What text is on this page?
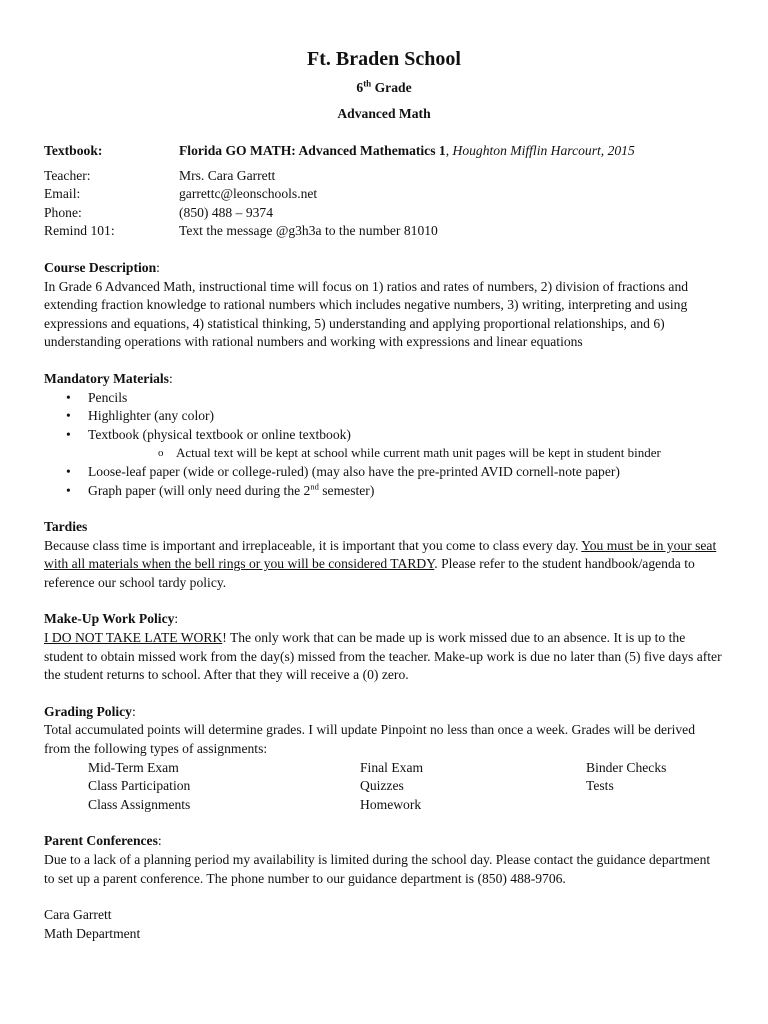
Ft. Braden School
6th Grade
Advanced Math
Textbook:	Florida GO MATH: Advanced Mathematics 1, Houghton Mifflin Harcourt, 2015
Teacher:	Mrs. Cara Garrett
Email:	garrettc@leonschools.net
Phone:	(850) 488 – 9374
Remind 101:	Text the message @g3h3a to the number 81010
Course Description:

In Grade 6 Advanced Math, instructional time will focus on 1) ratios and rates of numbers, 2) division of fractions and extending fraction knowledge to rational numbers which includes negative numbers, 3) writing, interpreting and using expressions and equations, 4) statistical thinking, 5) understanding and applying proportional relationships, and 6) understanding operations with rational numbers and working with expressions and linear equations

Mandatory Materials:
• Pencils
• Highlighter (any color)
• Textbook (physical textbook or online textbook)
o Actual text will be kept at school while current math unit pages will be kept in student binder
• Loose-leaf paper (wide or college-ruled) (may also have the pre-printed AVID cornell-note paper)
• Graph paper (will only need during the 2nd semester)
Tardies

Because class time is important and irreplaceable, it is important that you come to class every day. You must be in your seat with all materials when the bell rings or you will be considered TARDY. Please refer to the student handbook/agenda to reference our school tardy policy.

Make-Up Work Policy:

I DO NOT TAKE LATE WORK! The only work that can be made up is work missed due to an absence. It is up to the student to obtain missed work from the day(s) missed from the teacher. Make-up work is due no later than (5) five days after the student returns to school. After that they will receive a (0) zero.

Grading Policy:

Total accumulated points will determine grades. I will update Pinpoint no less than once a week. Grades will be derived from the following types of assignments:

Mid-Term Exam	Final Exam	Binder Checks
Class Participation	Quizzes	Tests
Class Assignments	Homework
Parent Conferences:

Due to a lack of a planning period my availability is limited during the school day. Please contact the guidance department to set up a parent conference. The phone number to our guidance department is (850) 488-9706.

Cara Garrett
Math Department
